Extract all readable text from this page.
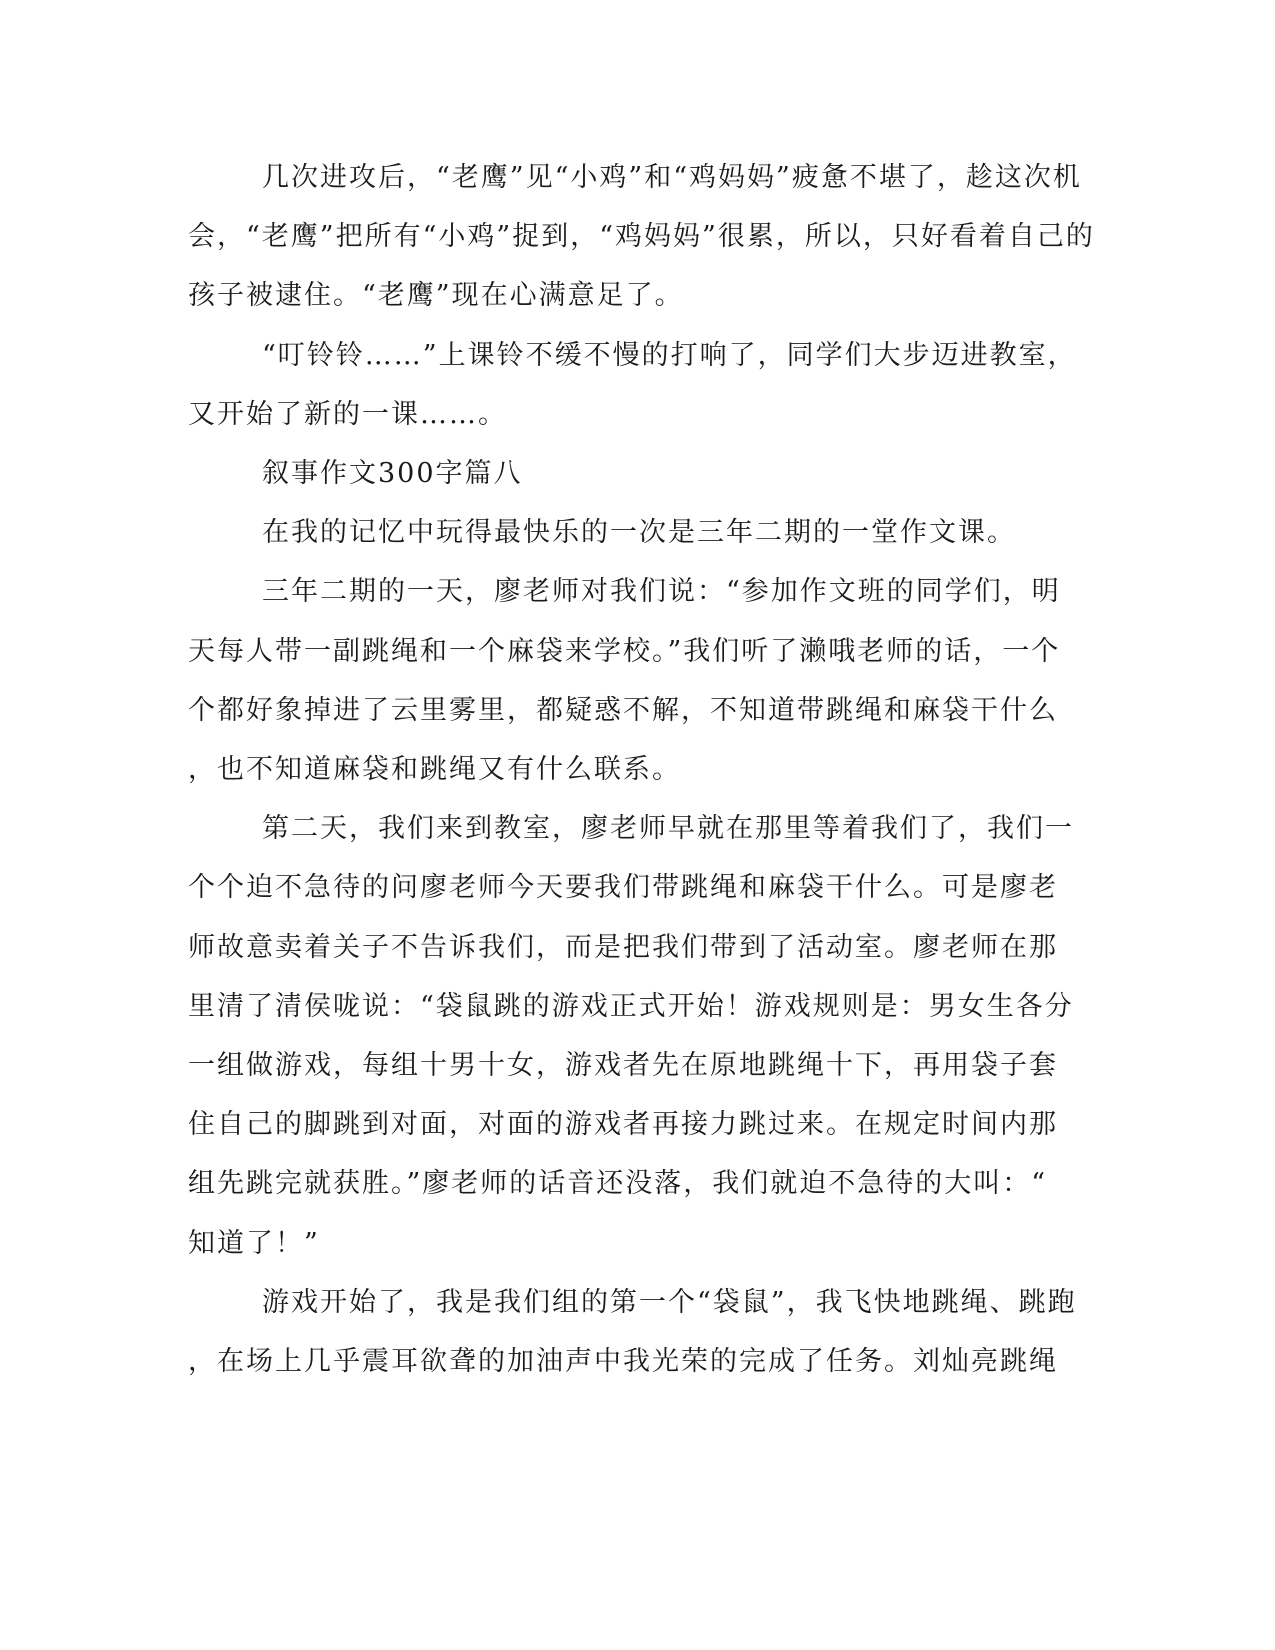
几次进攻后，“老鹰”见“小鸡”和“鸡妈妈”疲惫不堪了，趁这次机
会，“老鹰”把所有“小鸡”捉到，“鸡妈妈”很累，所以，只好看着自己的
孩子被逮住。“老鹰”现在心满意足了。
“叮铃铃……”上课铃不缓不慢的打响了，同学们大步迈进教室，
又开始了新的一课……。
叙事作文300字篇八
在我的记忆中玩得最快乐的一次是三年二期的一堂作文课。
三年二期的一天，廖老师对我们说：“参加作文班的同学们，明
天每人带一副跳绳和一个麻袋来学校。”我们听了濑哦老师的话，一个
个都好象掉进了云里雾里，都疑惑不解，不知道带跳绳和麻袋干什么
，也不知道麻袋和跳绳又有什么联系。
第二天，我们来到教室，廖老师早就在那里等着我们了，我们一
个个迫不急待的问廖老师今天要我们带跳绳和麻袋干什么。可是廖老
师故意卖着关子不告诉我们，而是把我们带到了活动室。廖老师在那
里清了清侯咙说：“袋鼠跳的游戏正式开始！游戏规则是：男女生各分
一组做游戏，每组十男十女，游戏者先在原地跳绳十下，再用袋子套
住自己的脚跳到对面，对面的游戏者再接力跳过来。在规定时间内那
组先跳完就获胜。”廖老师的话音还没落，我们就迫不急待的大叫：“
知道了！”
游戏开始了，我是我们组的第一个“袋鼠”，我飞快地跳绳、跳跑
，在场上几乎震耳欲聋的加油声中我光荣的完成了任务。刘灿亮跳绳
